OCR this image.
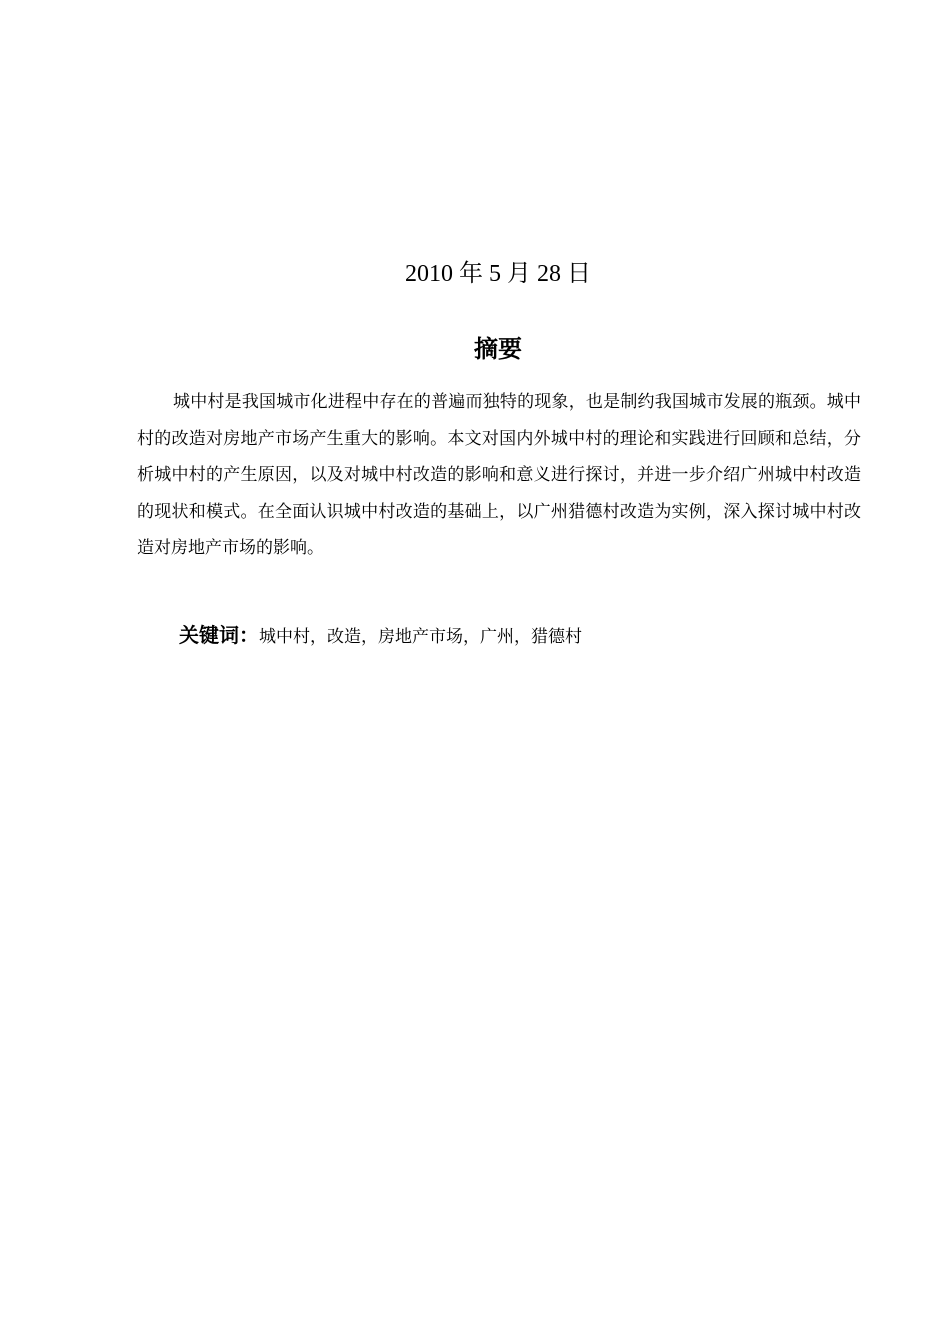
2010 年 5 月 28 日
摘要

城中村是我国城市化进程中存在的普遍而独特的现象，也是制约我国城市发展的瓶颈。城中村的改造对房地产市场产生重大的影响。本文对国内外城中村的理论和实践进行回顾和总结，分析城中村的产生原因，以及对城中村改造的影响和意义进行探讨，并进一步介绍广州城中村改造的现状和模式。在全面认识城中村改造的基础上，以广州猎德村改造为实例，深入探讨城中村改造对房地产市场的影响。

关键词：城中村，改造，房地产市场，广州，猎德村
